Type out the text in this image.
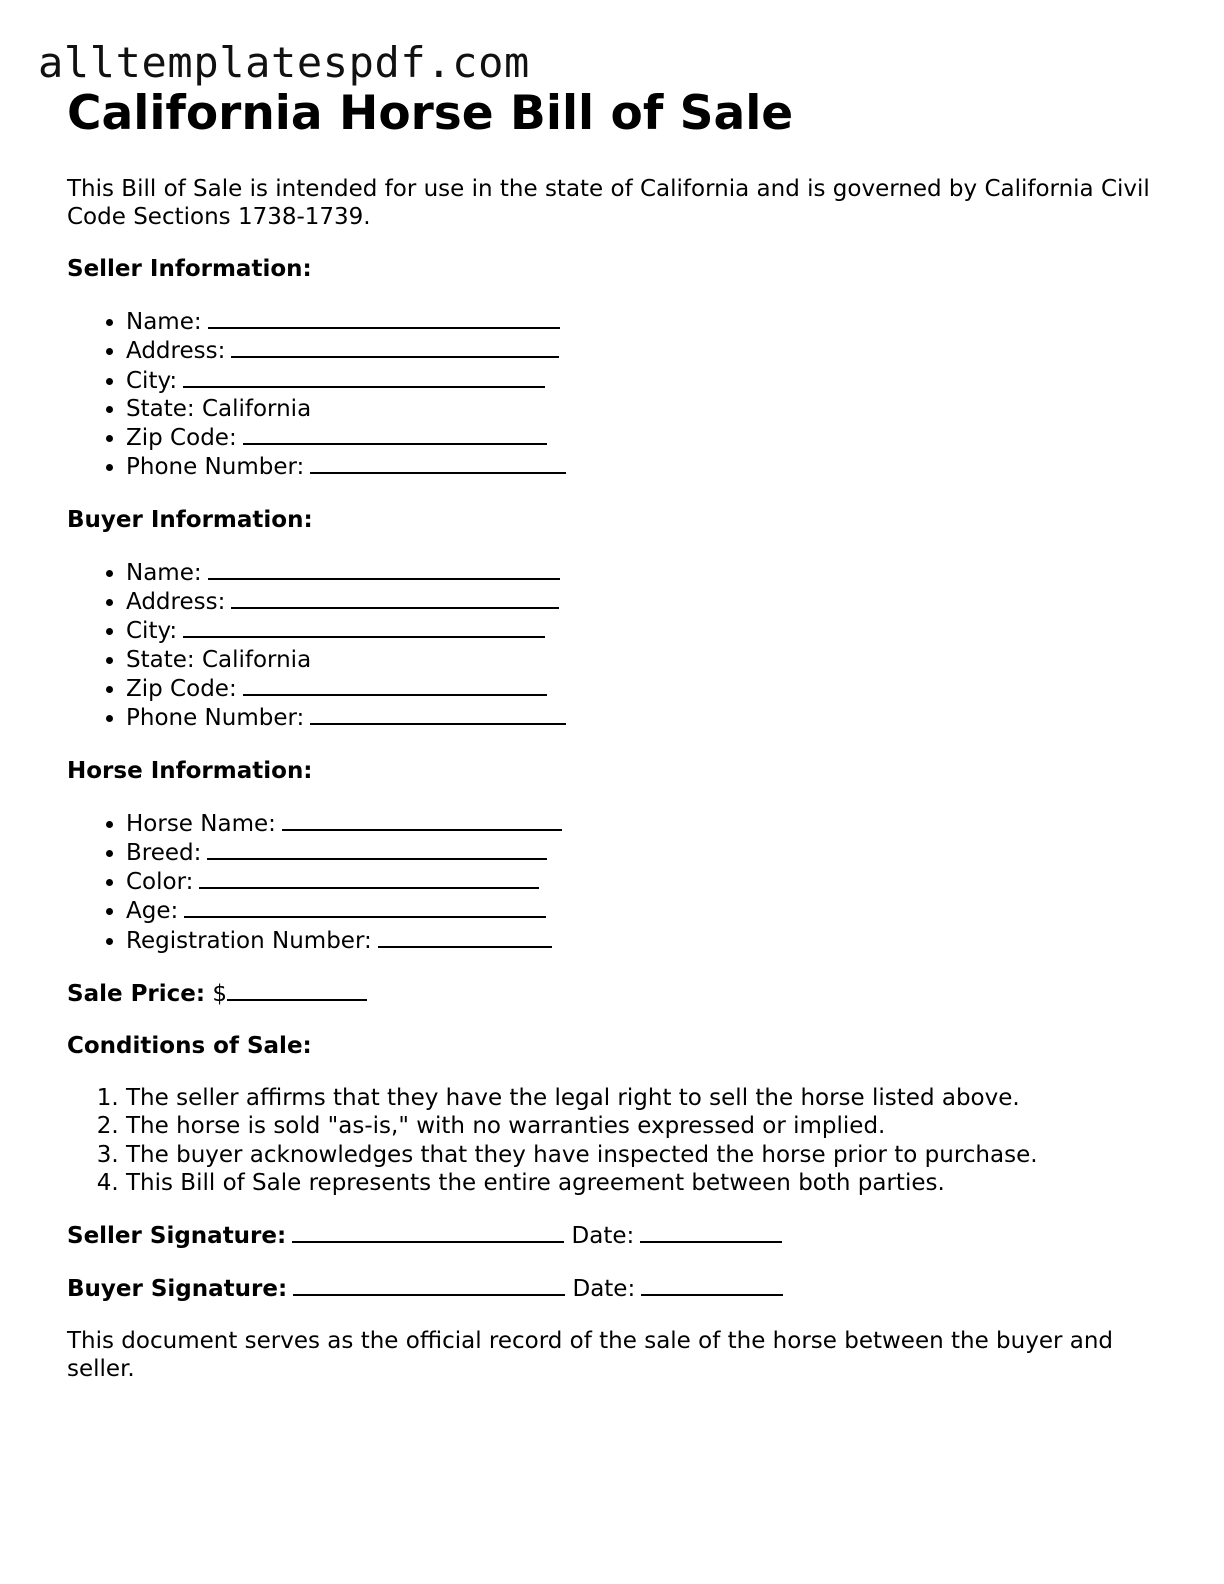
alltemplatespdf.com
California Horse Bill of Sale

This Bill of Sale is intended for use in the state of California and is governed by California Civil Code Sections 1738-1739.

Seller Information:
• Name:
• Address:
• City:
• State: California
• Zip Code:
• Phone Number:
Buyer Information:
• Name:
• Address:
• City:
• State: California
• Zip Code:
• Phone Number:
Horse Information:
• Horse Name:
• Breed:
• Color:
• Age:
• Registration Number:
Sale Price: $
Conditions of Sale:
1. The seller affirms that they have the legal right to sell the horse listed above.
2. The horse is sold "as-is," with no warranties expressed or implied.
3. The buyer acknowledges that they have inspected the horse prior to purchase.
4. This Bill of Sale represents the entire agreement between both parties.
Seller Signature:	Date:
Buyer Signature:	Date:

This document serves as the official record of the sale of the horse between the buyer and seller.
